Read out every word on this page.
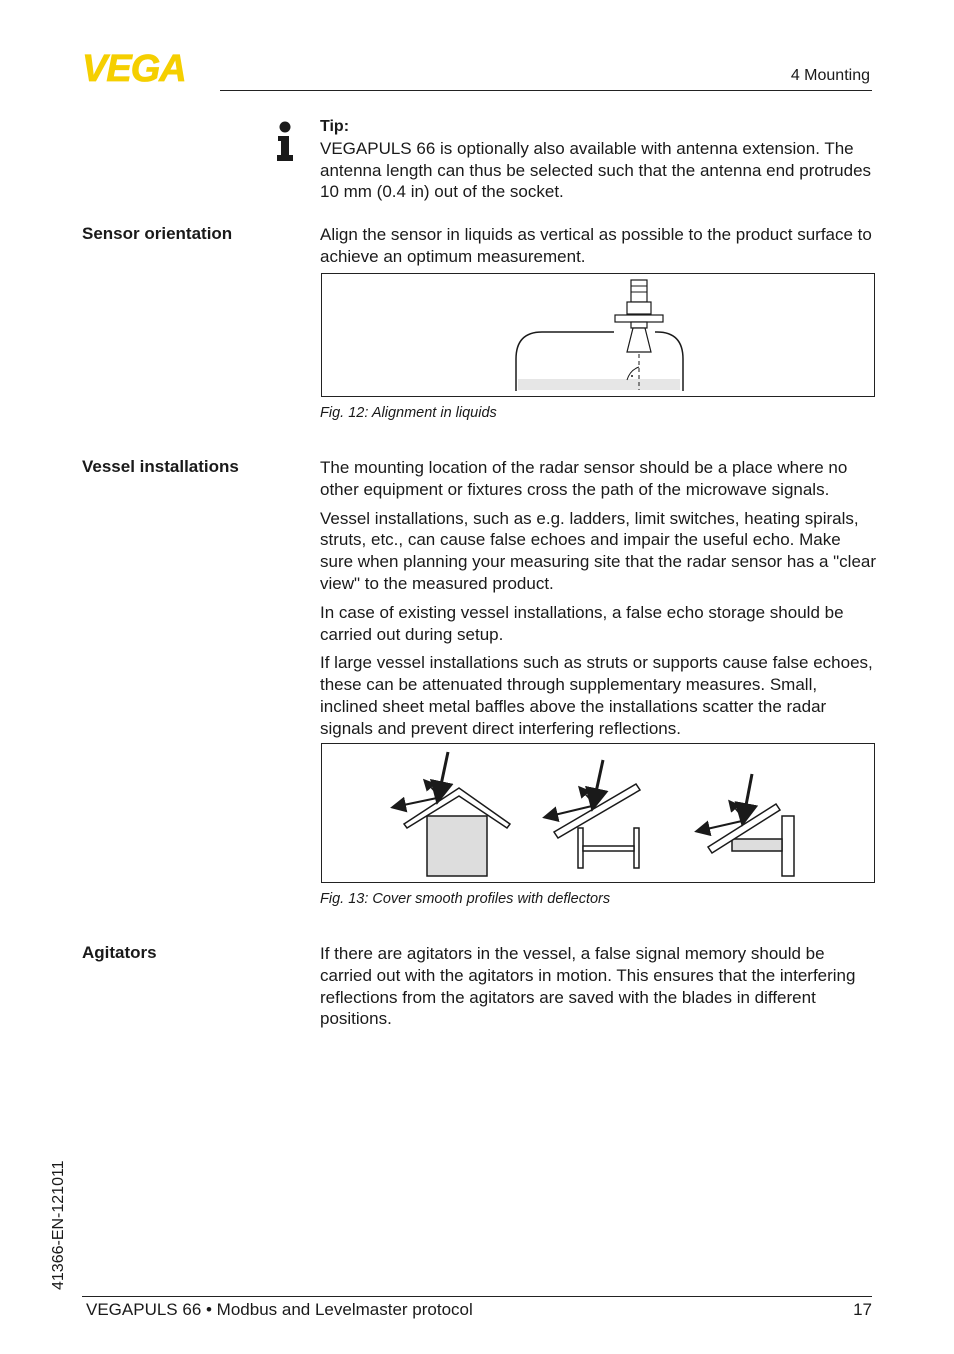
VEGA	4 Mounting
Tip:

VEGAPULS 66 is optionally also available with antenna extension. The antenna length can thus be selected such that the antenna end protrudes 10 mm (0.4 in) out of the socket.

Sensor orientation	Align the sensor in liquids as vertical as possible to the product surface to achieve an optimum measurement.

Fig. 12: Alignment in liquids
Vessel installations	The mounting location of the radar sensor should be a place where no other equipment or fixtures cross the path of the microwave signals.

Vessel installations, such as e.g. ladders, limit switches, heating spirals, struts, etc., can cause false echoes and impair the useful echo. Make sure when planning your measuring site that the radar sensor has a "clear view" to the measured product.

In case of existing vessel installations, a false echo storage should be carried out during setup.

If large vessel installations such as struts or supports cause false echoes, these can be attenuated through supplementary measures. Small, inclined sheet metal baffles above the installations scatter the radar signals and prevent direct interfering reflections.

Fig. 13: Cover smooth profiles with deflectors
Agitators	If there are agitators in the vessel, a false signal memory should be carried out with the agitators in motion. This ensures that the interfering reflections from the agitators are saved with the blades in different positions.

41366-EN-121011
VEGAPULS 66 • Modbus and Levelmaster protocol	17
